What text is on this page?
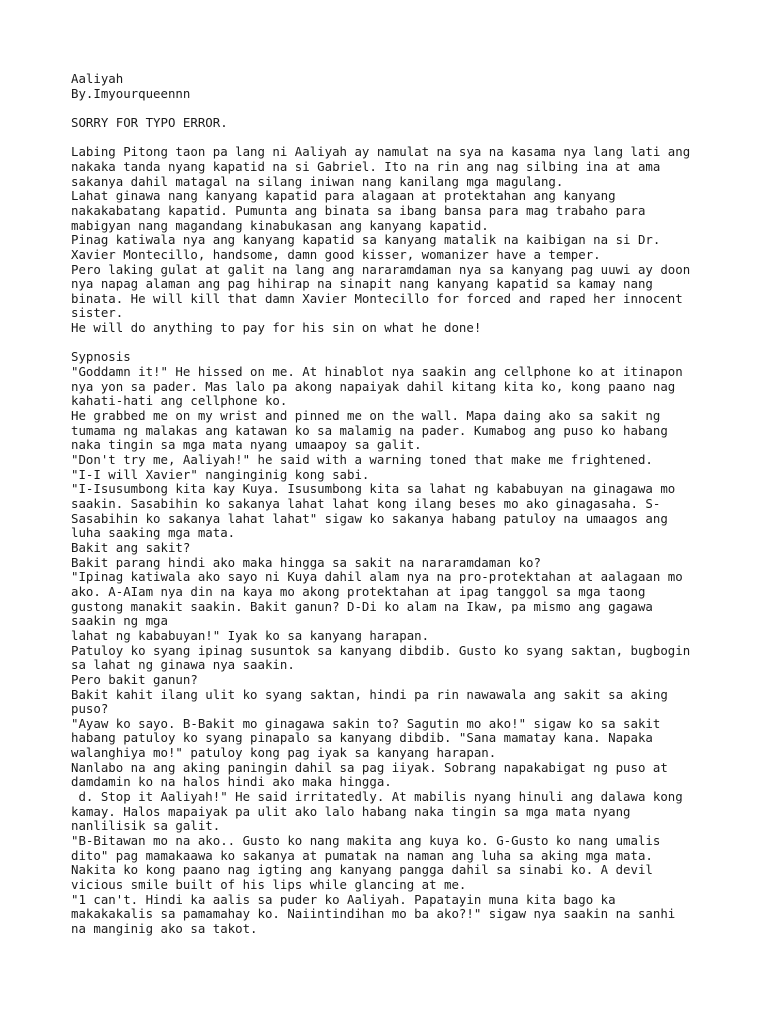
Aaliyah
By.Imyourqueennn
SORRY FOR TYPO ERROR.
Labing Pitong taon pa lang ni Aaliyah ay namulat na sya na kasama nya lang lati ang
nakaka tanda nyang kapatid na si Gabriel. Ito na rin ang nag silbing ina at ama
sakanya dahil matagal na silang iniwan nang kanilang mga magulang.
Lahat ginawa nang kanyang kapatid para alagaan at protektahan ang kanyang
nakakabatang kapatid. Pumunta ang binata sa ibang bansa para mag trabaho para
mabigyan nang magandang kinabukasan ang kanyang kapatid.
Pinag katiwala nya ang kanyang kapatid sa kanyang matalik na kaibigan na si Dr.
Xavier Montecillo, handsome, damn good kisser, womanizer have a temper.
Pero laking gulat at galit na lang ang nararamdaman nya sa kanyang pag uuwi ay doon
nya napag alaman ang pag hihirap na sinapit nang kanyang kapatid sa kamay nang
binata. He will kill that damn Xavier Montecillo for forced and raped her innocent
sister.
He will do anything to pay for his sin on what he done!
Sypnosis
"Goddamn it!" He hissed on me. At hinablot nya saakin ang cellphone ko at itinapon
nya yon sa pader. Mas lalo pa akong napaiyak dahil kitang kita ko, kong paano nag
kahati-hati ang cellphone ko.
He grabbed me on my wrist and pinned me on the wall. Mapa daing ako sa sakit ng
tumama ng malakas ang katawan ko sa malamig na pader. Kumabog ang puso ko habang
naka tingin sa mga mata nyang umaapoy sa galit.
"Don't try me, Aaliyah!" he said with a warning toned that make me frightened.
"I-I will Xavier" nanginginig kong sabi.
"I-Isusumbong kita kay Kuya. Isusumbong kita sa lahat ng kababuyan na ginagawa mo
saakin. Sasabihin ko sakanya lahat lahat kong ilang beses mo ako ginagasaha. S-
Sasabihin ko sakanya lahat lahat" sigaw ko sakanya habang patuloy na umaagos ang
luha saaking mga mata.
Bakit ang sakit?
Bakit parang hindi ako maka hingga sa sakit na nararamdaman ko?
"Ipinag katiwala ako sayo ni Kuya dahil alam nya na pro-protektahan at aalagaan mo
ako. A-AIam nya din na kaya mo akong protektahan at ipag tanggol sa mga taong
gustong manakit saakin. Bakit ganun? D-Di ko alam na Ikaw, pa mismo ang gagawa
saakin ng mga
lahat ng kababuyan!" Iyak ko sa kanyang harapan.
Patuloy ko syang ipinag susuntok sa kanyang dibdib. Gusto ko syang saktan, bugbogin
sa lahat ng ginawa nya saakin.
Pero bakit ganun?
Bakit kahit ilang ulit ko syang saktan, hindi pa rin nawawala ang sakit sa aking
puso?
"Ayaw ko sayo. B-Bakit mo ginagawa sakin to? Sagutin mo ako!" sigaw ko sa sakit
habang patuloy ko syang pinapalo sa kanyang dibdib. "Sana mamatay kana. Napaka
walanghiya mo!" patuloy kong pag iyak sa kanyang harapan.
Nanlabo na ang aking paningin dahil sa pag iiyak. Sobrang napakabigat ng puso at
damdamin ko na halos hindi ako maka hingga.
d. Stop it Aaliyah!" He said irritatedly. At mabilis nyang hinuli ang dalawa kong
kamay. Halos mapaiyak pa ulit ako lalo habang naka tingin sa mga mata nyang
nanlilisik sa galit.
"B-Bitawan mo na ako.. Gusto ko nang makita ang kuya ko. G-Gusto ko nang umalis
dito" pag mamakaawa ko sakanya at pumatak na naman ang luha sa aking mga mata.
Nakita ko kong paano nag igting ang kanyang pangga dahil sa sinabi ko. A devil
vicious smile built of his lips while glancing at me.
"1 can't. Hindi ka aalis sa puder ko Aaliyah. Papatayin muna kita bago ka
makakakalis sa pamamahay ko. Naiintindihan mo ba ako?!" sigaw nya saakin na sanhi
na manginig ako sa takot.
